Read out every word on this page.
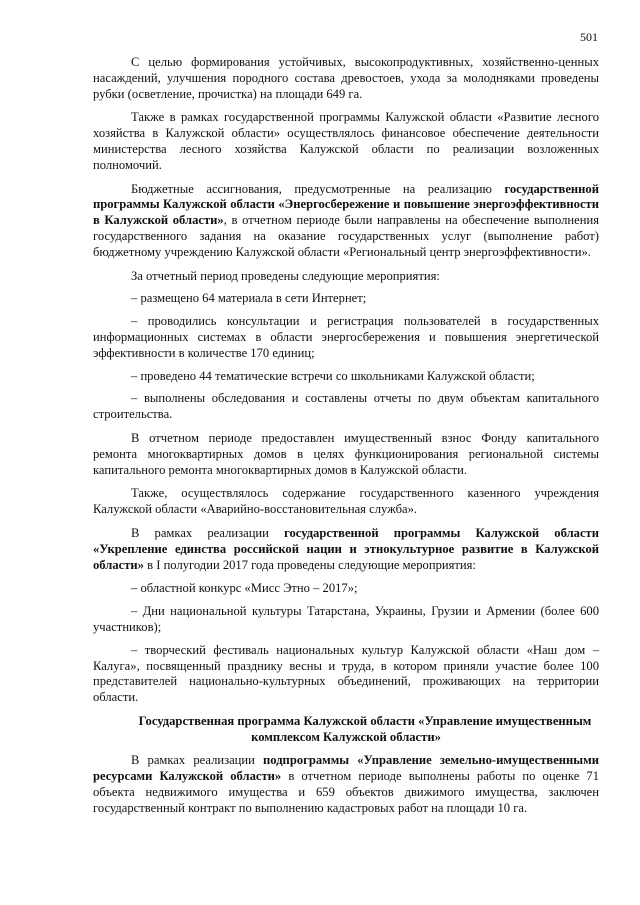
501

С целью формирования устойчивых, высокопродуктивных, хозяйственно-ценных насаждений, улучшения породного состава древостоев, ухода за молодняками проведены рубки (осветление, прочистка) на площади 649 га.

Также в рамках государственной программы Калужской области «Развитие лесного хозяйства в Калужской области» осуществлялось финансовое обеспечение деятельности министерства лесного хозяйства Калужской области по реализации возложенных полномочий.

Бюджетные ассигнования, предусмотренные на реализацию государственной программы Калужской области «Энергосбережение и повышение энергоэффективности в Калужской области», в отчетном периоде были направлены на обеспечение выполнения государственного задания на оказание государственных услуг (выполнение работ) бюджетному учреждению Калужской области «Региональный центр энергоэффективности».

За отчетный период проведены следующие мероприятия:

– размещено 64 материала в сети Интернет;

– проводились консультации и регистрация пользователей в государственных информационных системах в области энергосбережения и повышения энергетической эффективности в количестве 170 единиц;

– проведено 44 тематические встречи со школьниками Калужской области;

– выполнены обследования и составлены отчеты по двум объектам капитального строительства.

В отчетном периоде предоставлен имущественный взнос Фонду капитального ремонта многоквартирных домов в целях функционирования региональной системы капитального ремонта многоквартирных домов в Калужской области.

Также, осуществлялось содержание государственного казенного учреждения Калужской области «Аварийно-восстановительная служба».

В рамках реализации государственной программы Калужской области «Укрепление единства российской нации и этнокультурное развитие в Калужской области» в I полугодии 2017 года проведены следующие мероприятия:

– областной конкурс «Мисс Этно – 2017»;

– Дни национальной культуры Татарстана, Украины, Грузии и Армении (более 600 участников);

– творческий фестиваль национальных культур Калужской области «Наш дом – Калуга», посвященный празднику весны и труда, в котором приняли участие более 100 представителей национально-культурных объединений, проживающих на территории области.

Государственная программа Калужской области «Управление имущественным комплексом Калужской области»

В рамках реализации подпрограммы «Управление земельно-имущественными ресурсами Калужской области» в отчетном периоде выполнены работы по оценке 71 объекта недвижимого имущества и 659 объектов движимого имущества, заключен государственный контракт по выполнению кадастровых работ на площади 10 га.
